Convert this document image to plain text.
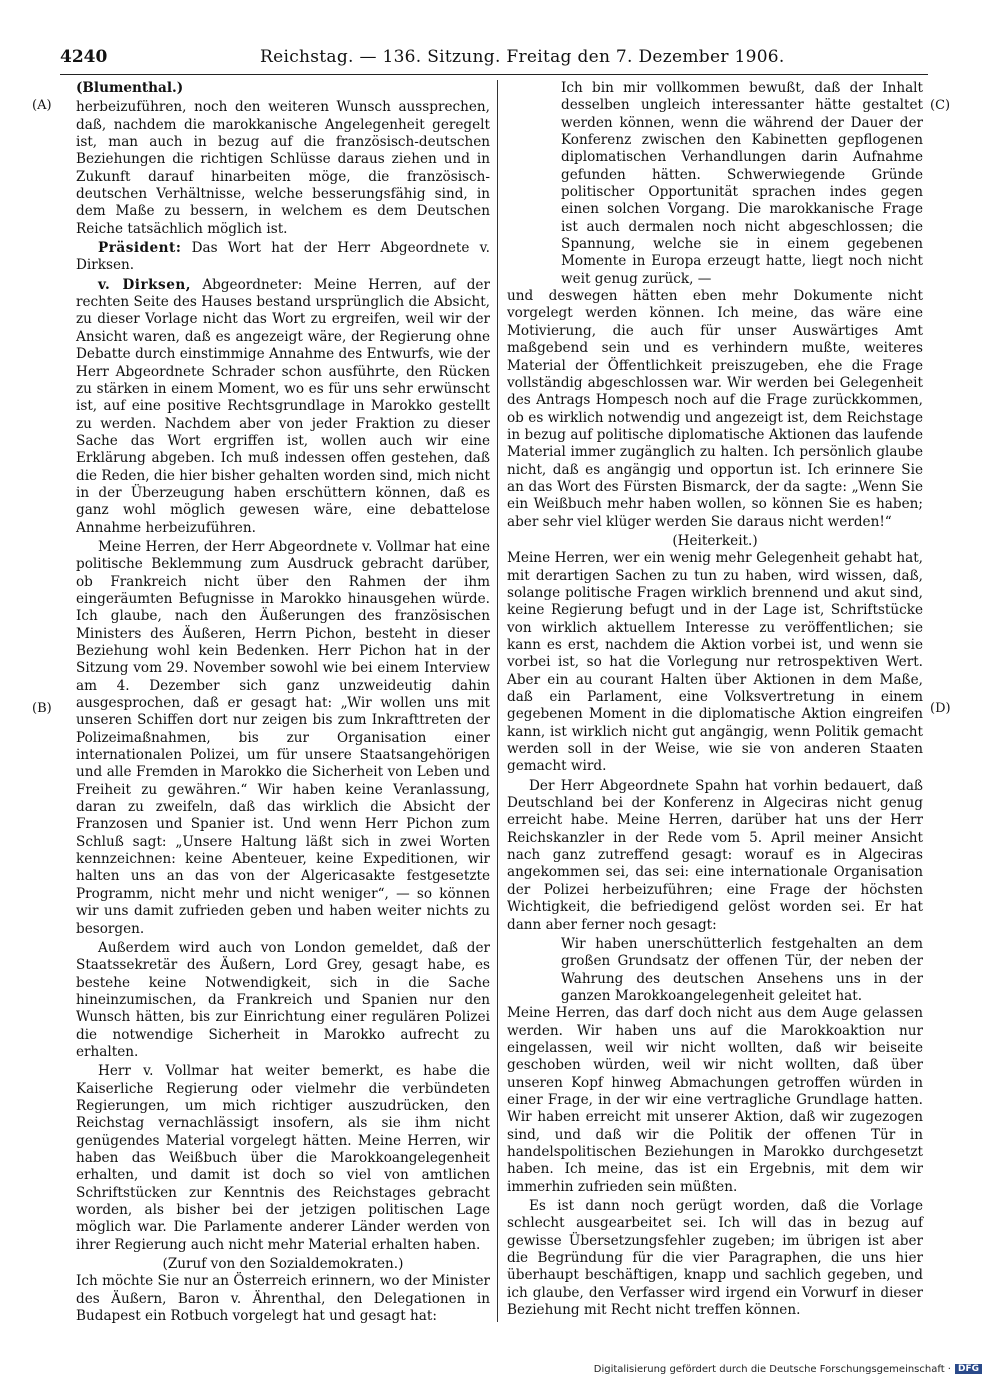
4240	Reichstag. — 136. Sitzung. Freitag den 7. Dezember 1906.
(A)
(B)
(C)
(D)

(Blumenthal.)

herbeizuführen, noch den weiteren Wunsch aussprechen, daß, nachdem die marokkanische Angelegenheit geregelt ist, man auch in bezug auf die französisch-deutschen Beziehungen die richtigen Schlüsse daraus ziehen und in Zukunft darauf hinarbeiten möge, die französisch-deutschen Verhältnisse, welche besserungsfähig sind, in dem Maße zu bessern, in welchem es dem Deutschen Reiche tatsächlich möglich ist.

Präsident: Das Wort hat der Herr Abgeordnete v. Dirksen.

v. Dirksen, Abgeordneter: Meine Herren, auf der rechten Seite des Hauses bestand ursprünglich die Absicht, zu dieser Vorlage nicht das Wort zu ergreifen, weil wir der Ansicht waren, daß es angezeigt wäre, der Regierung ohne Debatte durch einstimmige Annahme des Entwurfs, wie der Herr Abgeordnete Schrader schon ausführte, den Rücken zu stärken in einem Moment, wo es für uns sehr erwünscht ist, auf eine positive Rechtsgrundlage in Marokko gestellt zu werden. Nachdem aber von jeder Fraktion zu dieser Sache das Wort ergriffen ist, wollen auch wir eine Erklärung abgeben. Ich muß indessen offen gestehen, daß die Reden, die hier bisher gehalten worden sind, mich nicht in der Überzeugung haben erschüttern können, daß es ganz wohl möglich gewesen wäre, eine debattelose Annahme herbeizuführen.

Meine Herren, der Herr Abgeordnete v. Vollmar hat eine politische Beklemmung zum Ausdruck gebracht darüber, ob Frankreich nicht über den Rahmen der ihm eingeräumten Befugnisse in Marokko hinausgehen würde. Ich glaube, nach den Äußerungen des französischen Ministers des Äußeren, Herrn Pichon, besteht in dieser Beziehung wohl kein Bedenken. Herr Pichon hat in der Sitzung vom 29. November sowohl wie bei einem Interview am 4. Dezember sich ganz unzweideutig dahin ausgesprochen, daß er gesagt hat: „Wir wollen uns mit unseren Schiffen dort nur zeigen bis zum Inkrafttreten der Polizeimaßnahmen, bis zur Organisation einer internationalen Polizei, um für unsere Staatsangehörigen und alle Fremden in Marokko die Sicherheit von Leben und Freiheit zu gewähren.“ Wir haben keine Veranlassung, daran zu zweifeln, daß das wirklich die Absicht der Franzosen und Spanier ist. Und wenn Herr Pichon zum Schluß sagt: „Unsere Haltung läßt sich in zwei Worten kennzeichnen: keine Abenteuer, keine Expeditionen, wir halten uns an das von der Algericasakte festgesetzte Programm, nicht mehr und nicht weniger“, — so können wir uns damit zufrieden geben und haben weiter nichts zu besorgen.

Außerdem wird auch von London gemeldet, daß der Staatssekretär des Äußern, Lord Grey, gesagt habe, es bestehe keine Notwendigkeit, sich in die Sache hineinzumischen, da Frankreich und Spanien nur den Wunsch hätten, bis zur Einrichtung einer regulären Polizei die notwendige Sicherheit in Marokko aufrecht zu erhalten.

Herr v. Vollmar hat weiter bemerkt, es habe die Kaiserliche Regierung oder vielmehr die verbündeten Regierungen, um mich richtiger auszudrücken, den Reichstag vernachlässigt insofern, als sie ihm nicht genügendes Material vorgelegt hätten. Meine Herren, wir haben das Weißbuch über die Marokkoangelegenheit erhalten, und damit ist doch so viel von amtlichen Schriftstücken zur Kenntnis des Reichstages gebracht worden, als bisher bei der jetzigen politischen Lage möglich war. Die Parlamente anderer Länder werden von ihrer Regierung auch nicht mehr Material erhalten haben.

(Zuruf von den Sozialdemokraten.)

Ich möchte Sie nur an Österreich erinnern, wo der Minister des Äußern, Baron v. Ährenthal, den Delegationen in Budapest ein Rotbuch vorgelegt hat und gesagt hat:

Ich bin mir vollkommen bewußt, daß der Inhalt desselben ungleich interessanter hätte gestaltet werden können, wenn die während der Dauer der Konferenz zwischen den Kabinetten gepflogenen diplomatischen Verhandlungen darin Aufnahme gefunden hätten. Schwerwiegende Gründe politischer Opportunität sprachen indes gegen einen solchen Vorgang. Die marokkanische Frage ist auch dermalen noch nicht abgeschlossen; die Spannung, welche sie in einem gegebenen Momente in Europa erzeugt hatte, liegt noch nicht weit genug zurück, —

und deswegen hätten eben mehr Dokumente nicht vorgelegt werden können. Ich meine, das wäre eine Motivierung, die auch für unser Auswärtiges Amt maßgebend sein und es verhindern mußte, weiteres Material der Öffentlichkeit preiszugeben, ehe die Frage vollständig abgeschlossen war. Wir werden bei Gelegenheit des Antrags Hompesch noch auf die Frage zurückkommen, ob es wirklich notwendig und angezeigt ist, dem Reichstage in bezug auf politische diplomatische Aktionen das laufende Material immer zugänglich zu halten. Ich persönlich glaube nicht, daß es angängig und opportun ist. Ich erinnere Sie an das Wort des Fürsten Bismarck, der da sagte: „Wenn Sie ein Weißbuch mehr haben wollen, so können Sie es haben; aber sehr viel klüger werden Sie daraus nicht werden!“

(Heiterkeit.)

Meine Herren, wer ein wenig mehr Gelegenheit gehabt hat, mit derartigen Sachen zu tun zu haben, wird wissen, daß, solange politische Fragen wirklich brennend und akut sind, keine Regierung befugt und in der Lage ist, Schriftstücke von wirklich aktuellem Interesse zu veröffentlichen; sie kann es erst, nachdem die Aktion vorbei ist, und wenn sie vorbei ist, so hat die Vorlegung nur retrospektiven Wert. Aber ein au courant Halten über Aktionen in dem Maße, daß ein Parlament, eine Volksvertretung in einem gegebenen Moment in die diplomatische Aktion eingreifen kann, ist wirklich nicht gut angängig, wenn Politik gemacht werden soll in der Weise, wie sie von anderen Staaten gemacht wird.

Der Herr Abgeordnete Spahn hat vorhin bedauert, daß Deutschland bei der Konferenz in Algeciras nicht genug erreicht habe. Meine Herren, darüber hat uns der Herr Reichskanzler in der Rede vom 5. April meiner Ansicht nach ganz zutreffend gesagt: worauf es in Algeciras angekommen sei, das sei: eine internationale Organisation der Polizei herbeizuführen; eine Frage der höchsten Wichtigkeit, die befriedigend gelöst worden sei. Er hat dann aber ferner noch gesagt:

Wir haben unerschütterlich festgehalten an dem großen Grundsatz der offenen Tür, der neben der Wahrung des deutschen Ansehens uns in der ganzen Marokkoangelegenheit geleitet hat.

Meine Herren, das darf doch nicht aus dem Auge gelassen werden. Wir haben uns auf die Marokkoaktion nur eingelassen, weil wir nicht wollten, daß wir beiseite geschoben würden, weil wir nicht wollten, daß über unseren Kopf hinweg Abmachungen getroffen würden in einer Frage, in der wir eine vertragliche Grundlage hatten. Wir haben erreicht mit unserer Aktion, daß wir zugezogen sind, und daß wir die Politik der offenen Tür in handelspolitischen Beziehungen in Marokko durchgesetzt haben. Ich meine, das ist ein Ergebnis, mit dem wir immerhin zufrieden sein müßten.

Es ist dann noch gerügt worden, daß die Vorlage schlecht ausgearbeitet sei. Ich will das in bezug auf gewisse Übersetzungsfehler zugeben; im übrigen ist aber die Begründung für die vier Paragraphen, die uns hier überhaupt beschäftigen, knapp und sachlich gegeben, und ich glaube, den Verfasser wird irgend ein Vorwurf in dieser Beziehung mit Recht nicht treffen können.

Digitalisierung gefördert durch die Deutsche Forschungsgemeinschaft · DFG
